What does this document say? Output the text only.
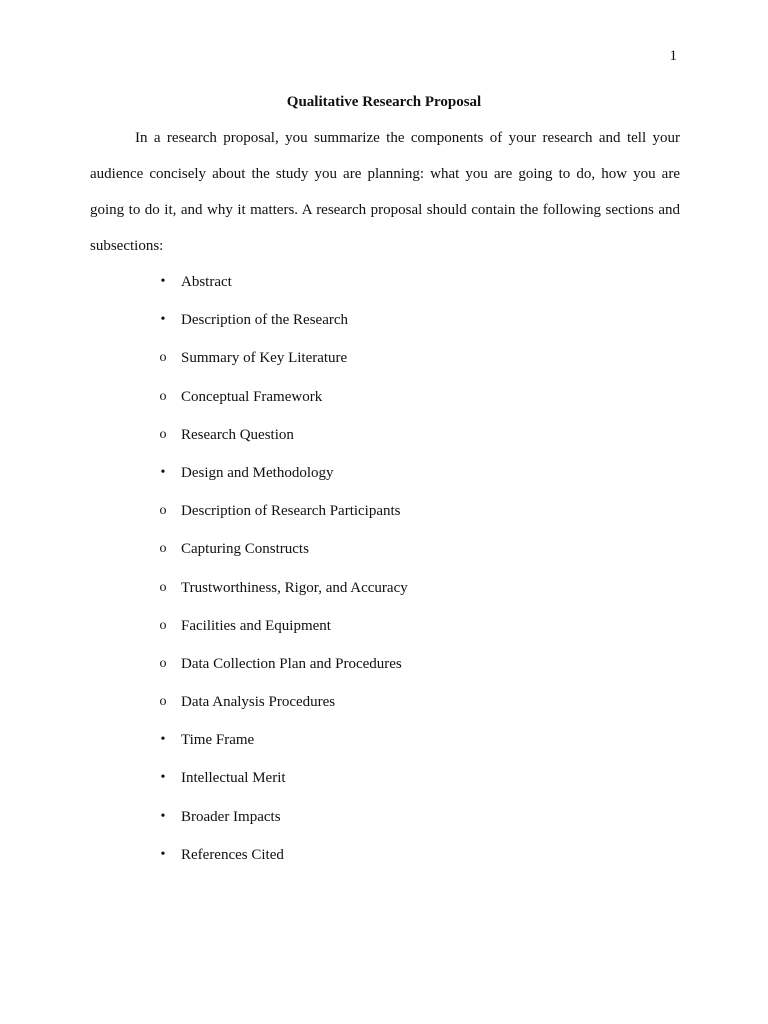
1
Qualitative Research Proposal

In a research proposal, you summarize the components of your research and tell your audience concisely about the study you are planning: what you are going to do, how you are going to do it, and why it matters. A research proposal should contain the following sections and subsections:

•	Abstract
•	Description of the Research
o Summary of Key Literature
o Conceptual Framework
o Research Question
•	Design and Methodology
o Description of Research Participants
o Capturing Constructs
o Trustworthiness, Rigor, and Accuracy
o Facilities and Equipment
o Data Collection Plan and Procedures
o Data Analysis Procedures
•	Time Frame
•	Intellectual Merit
•	Broader Impacts
•	References Cited
